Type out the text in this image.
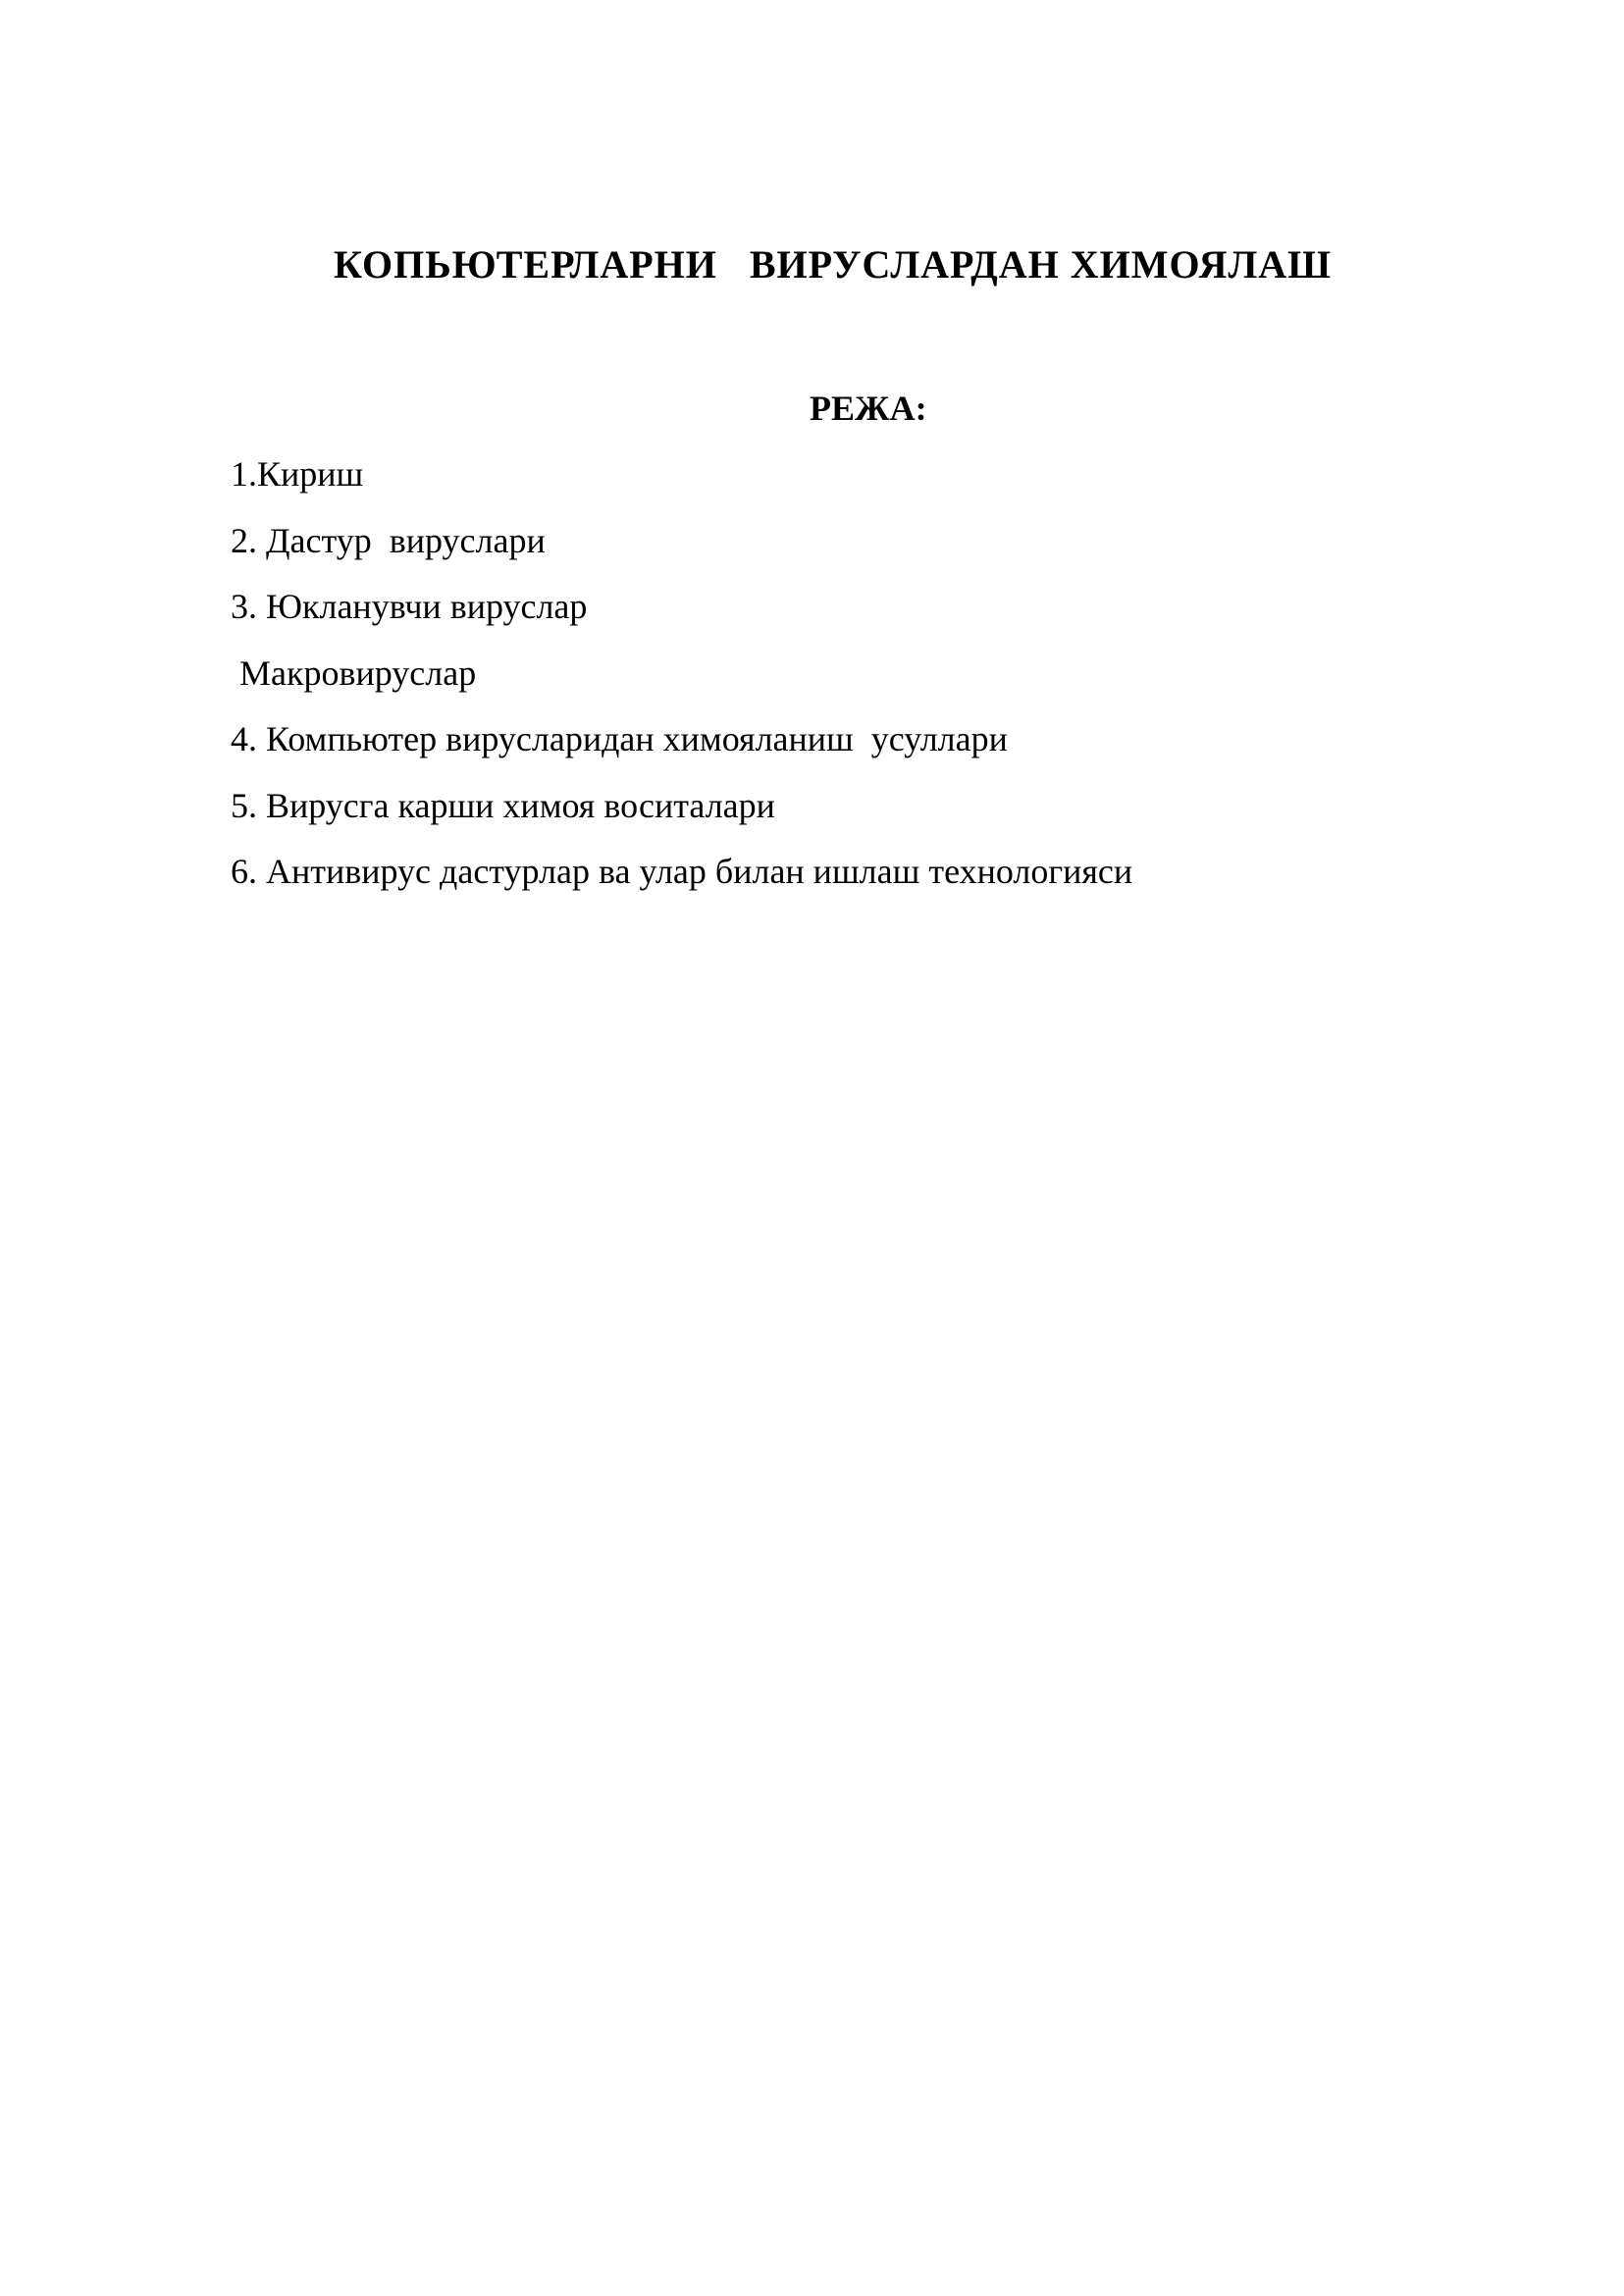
КОПЬЮТЕРЛАРНИ   ВИРУСЛАРДАН ХИМОЯЛАШ
РЕЖА:
1.Кириш
2. Дастур  вируслари
3. Юкланувчи вируслар
Макровируслар
4. Компьютер вирусларидан химояланиш  усуллари
5. Вирусга карши химоя воситалари
6. Антивирус дастурлар ва улар билан ишлаш технологияси
